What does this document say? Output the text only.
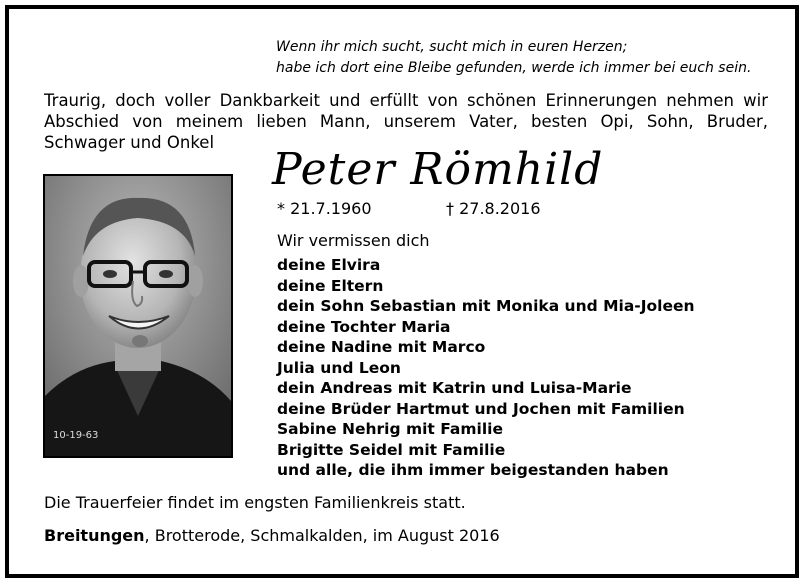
Wenn ihr mich sucht, sucht mich in euren Herzen;
habe ich dort eine Bleibe gefunden, werde ich immer bei euch sein.
Traurig, doch voller Dankbarkeit und erfüllt von schönen Erinnerungen nehmen wir Abschied von meinem lieben Mann, unserem Vater, besten Opi, Sohn, Bruder, Schwager und Onkel
Peter Römhild
* 21.7.1960	† 27.8.2016
10-19-63
Wir vermissen dich
deine Elvira
deine Eltern
dein Sohn Sebastian mit Monika und Mia-Joleen
deine Tochter Maria
deine Nadine mit Marco
Julia und Leon
dein Andreas mit Katrin und Luisa-Marie
deine Brüder Hartmut und Jochen mit Familien
Sabine Nehrig mit Familie
Brigitte Seidel mit Familie
und alle, die ihm immer beigestanden haben
Die Trauerfeier findet im engsten Familienkreis statt.
Breitungen, Brotterode, Schmalkalden, im August 2016
